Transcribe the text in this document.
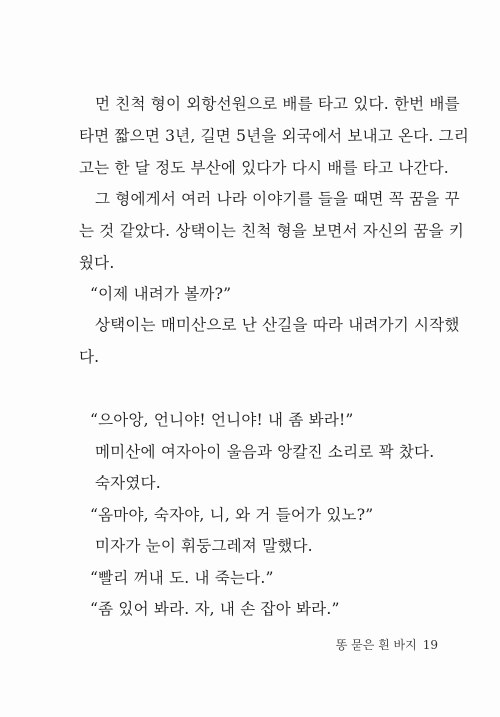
먼 친척 형이 외항선원으로 배를 타고 있다. 한번 배를
타면 짧으면 3년, 길면 5년을 외국에서 보내고 온다. 그리
고는 한 달 정도 부산에 있다가 다시 배를 타고 나간다.
그 형에게서 여러 나라 이야기를 들을 때면 꼭 꿈을 꾸
는 것 같았다. 상택이는 친척 형을 보면서 자신의 꿈을 키
웠다.
“이제 내려가 볼까?”
상택이는 매미산으로 난 산길을 따라 내려가기 시작했
다.
“으아앙, 언니야! 언니야! 내 좀 봐라!”
메미산에 여자아이 울음과 앙칼진 소리로 꽉 찼다.
숙자였다.
“옴마야, 숙자야, 니, 와 거 들어가 있노?”
미자가 눈이 휘둥그레져 말했다.
“빨리 꺼내 도. 내 죽는다.”
“좀 있어 봐라. 자, 내 손 잡아 봐라.”
똥 묻은 흰 바지 19
